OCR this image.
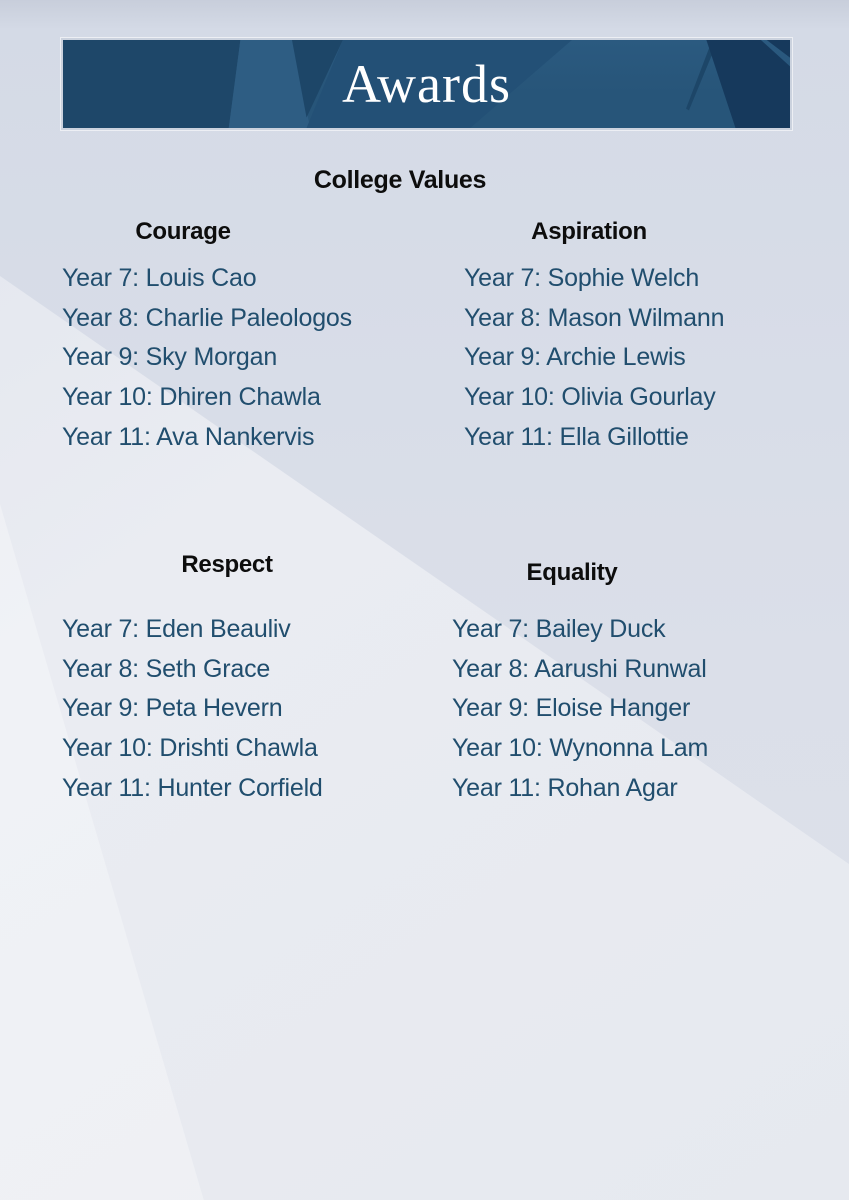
Awards
College Values
Courage
Year 7: Louis Cao
Year 8: Charlie Paleologos
Year 9: Sky Morgan
Year 10: Dhiren Chawla
Year 11: Ava Nankervis
Aspiration
Year 7: Sophie Welch
Year 8: Mason Wilmann
Year 9: Archie Lewis
Year 10: Olivia Gourlay
Year 11: Ella Gillottie
Respect
Year 7: Eden Beauliv
Year 8: Seth Grace
Year 9: Peta Hevern
Year 10: Drishti Chawla
Year 11: Hunter Corfield
Equality
Year 7: Bailey Duck
Year 8: Aarushi Runwal
Year 9: Eloise Hanger
Year 10: Wynonna Lam
Year 11: Rohan Agar
